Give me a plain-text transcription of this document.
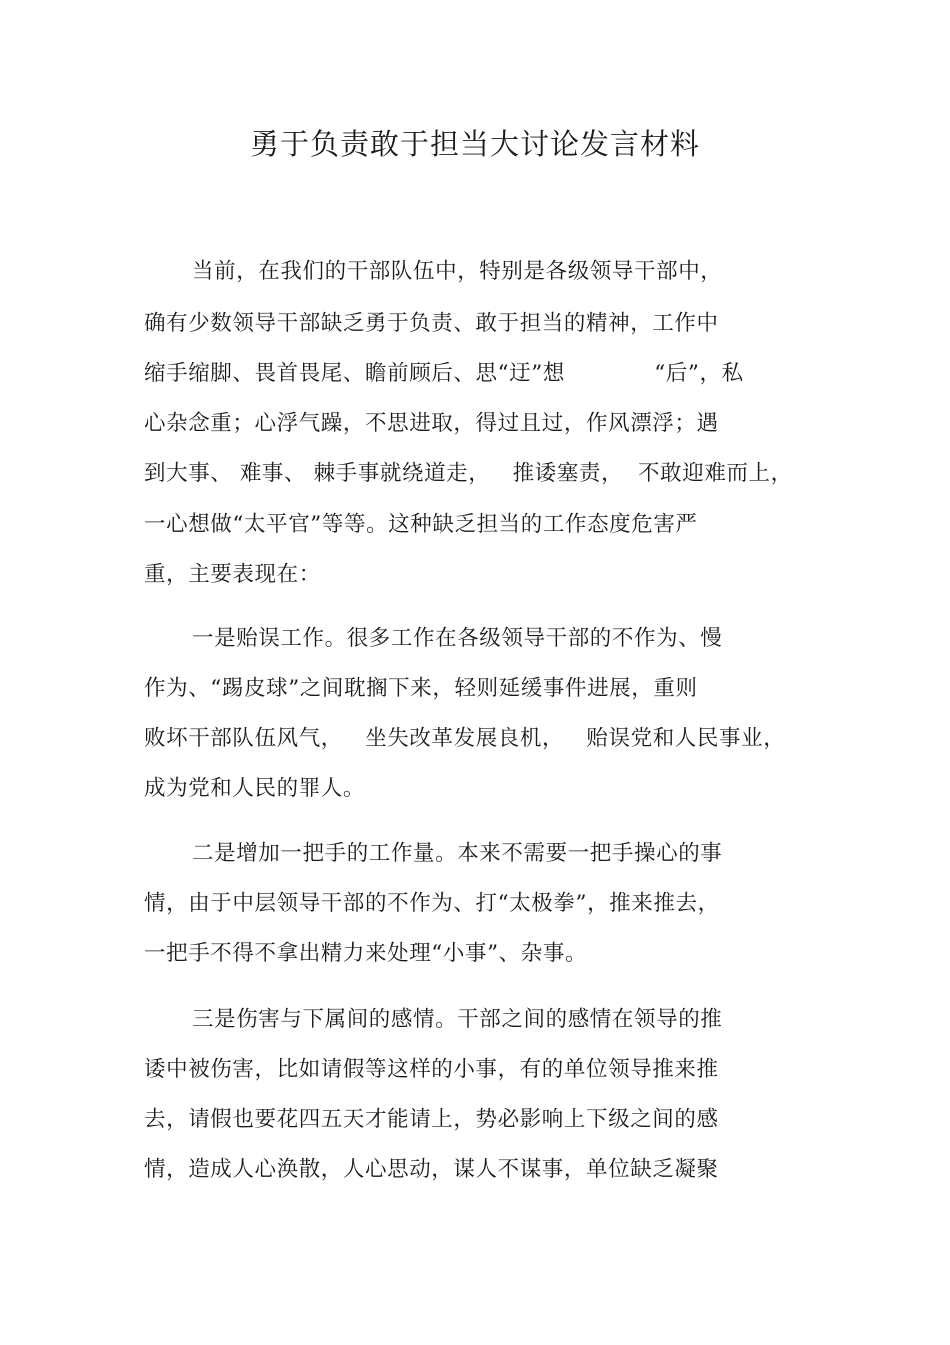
勇于负责敢于担当大讨论发言材料
当前，在我们的干部队伍中，特别是各级领导干部中，
确有少数领导干部缺乏勇于负责、敢于担当的精神，工作中
缩手缩脚、畏首畏尾、瞻前顾后、思“迂”想            “后”，私
心杂念重；心浮气躁，不思进取，得过且过，作风漂浮；遇
到大事、 难事、 棘手事就绕道走，   推诿塞责，  不敢迎难而上，
一心想做“太平官”等等。这种缺乏担当的工作态度危害严
重，主要表现在：
一是贻误工作。很多工作在各级领导干部的不作为、慢
作为、“踢皮球”之间耽搁下来，轻则延缓事件进展，重则
败坏干部队伍风气，   坐失改革发展良机，   贻误党和人民事业，
成为党和人民的罪人。
二是增加一把手的工作量。本来不需要一把手操心的事
情，由于中层领导干部的不作为、打“太极拳”，推来推去，
一把手不得不拿出精力来处理“小事”、杂事。
三是伤害与下属间的感情。干部之间的感情在领导的推
诿中被伤害，比如请假等这样的小事，有的单位领导推来推
去，请假也要花四五天才能请上，势必影响上下级之间的感
情，造成人心涣散，人心思动，谋人不谋事，单位缺乏凝聚
